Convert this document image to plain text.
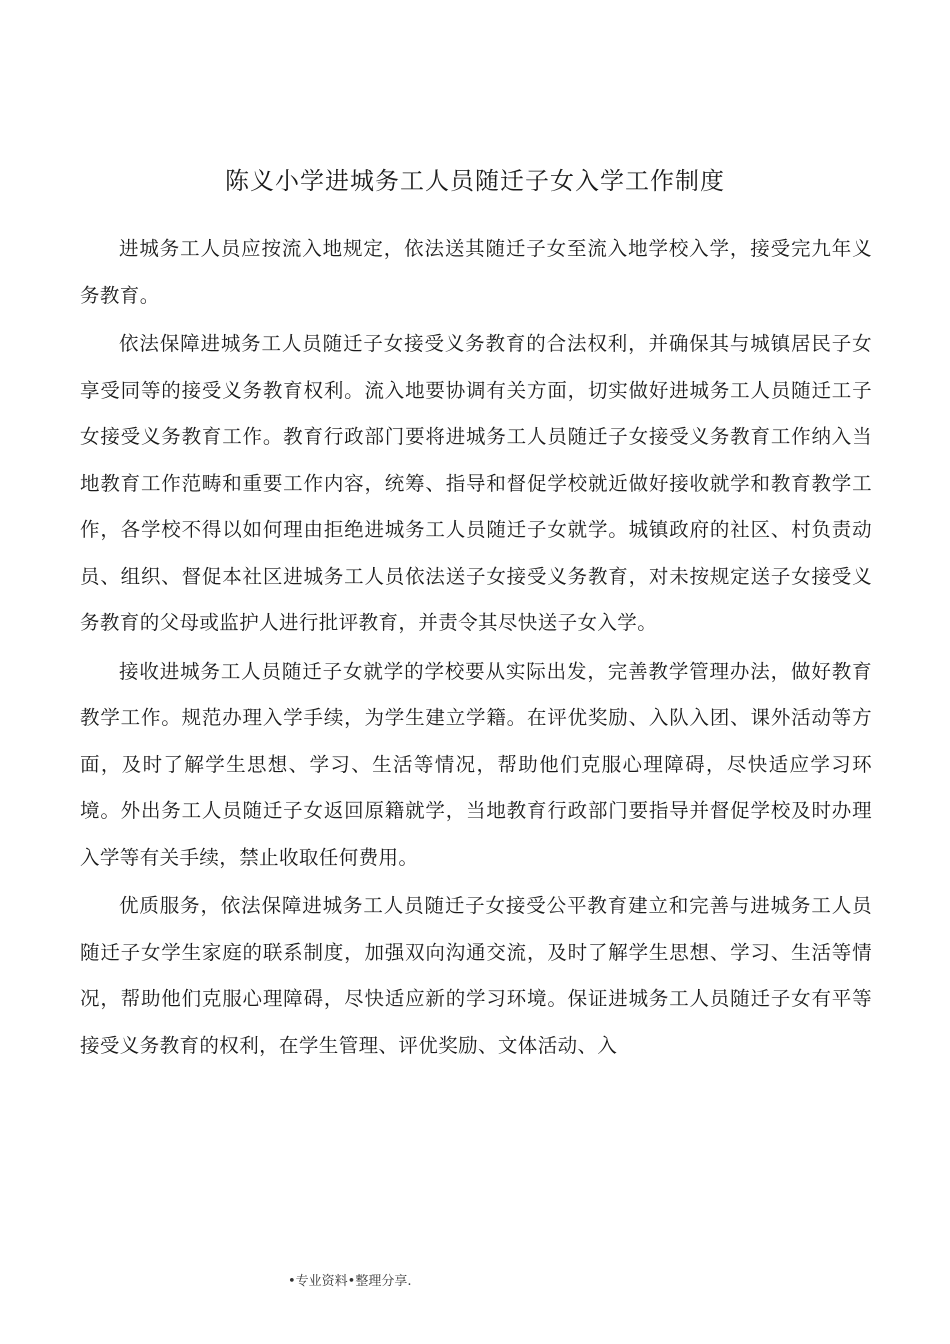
陈义小学进城务工人员随迁子女入学工作制度

进城务工人员应按流入地规定，依法送其随迁子女至流入地学校入学，接受完九年义务教育。

依法保障进城务工人员随迁子女接受义务教育的合法权利，并确保其与城镇居民子女享受同等的接受义务教育权利。流入地要协调有关方面，切实做好进城务工人员随迁工子女接受义务教育工作。教育行政部门要将进城务工人员随迁子女接受义务教育工作纳入当地教育工作范畴和重要工作内容，统筹、指导和督促学校就近做好接收就学和教育教学工作，各学校不得以如何理由拒绝进城务工人员随迁子女就学。城镇政府的社区、村负责动员、组织、督促本社区进城务工人员依法送子女接受义务教育，对未按规定送子女接受义务教育的父母或监护人进行批评教育，并责令其尽快送子女入学。

接收进城务工人员随迁子女就学的学校要从实际出发，完善教学管理办法，做好教育教学工作。规范办理入学手续，为学生建立学籍。在评优奖励、入队入团、课外活动等方面，及时了解学生思想、学习、生活等情况，帮助他们克服心理障碍，尽快适应学习环境。外出务工人员随迁子女返回原籍就学，当地教育行政部门要指导并督促学校及时办理入学等有关手续，禁止收取任何费用。

优质服务，依法保障进城务工人员随迁子女接受公平教育建立和完善与进城务工人员随迁子女学生家庭的联系制度，加强双向沟通交流，及时了解学生思想、学习、生活等情况，帮助他们克服心理障碍，尽快适应新的学习环境。保证进城务工人员随迁子女有平等接受义务教育的权利，在学生管理、评优奖励、文体活动、入

•专业资料•整理分享.
